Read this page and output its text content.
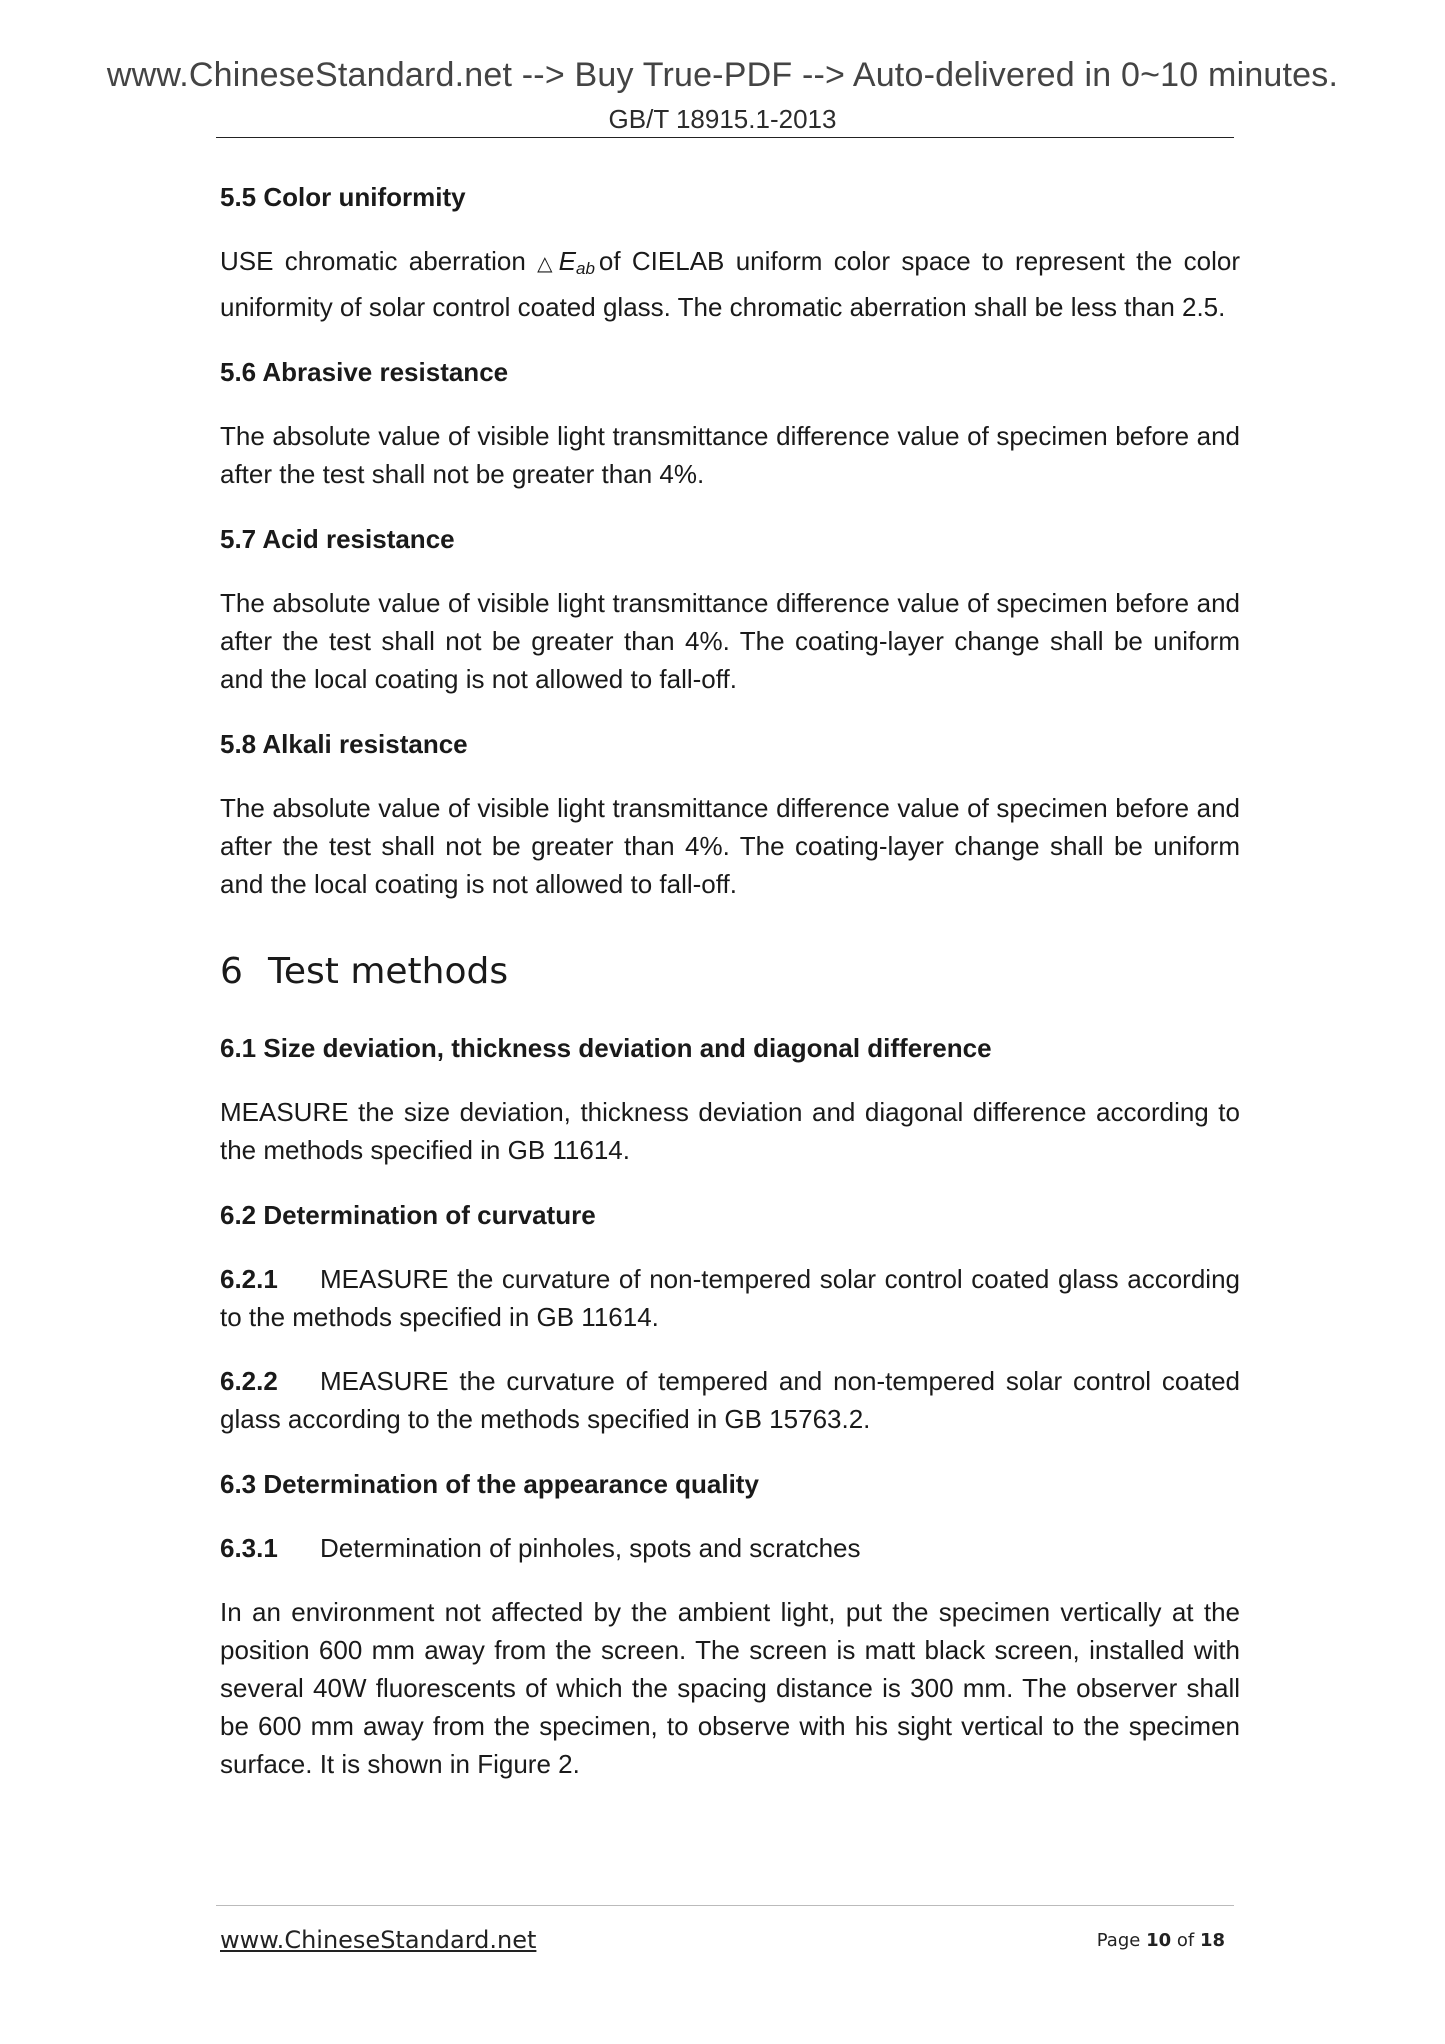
www.ChineseStandard.net --> Buy True-PDF --> Auto-delivered in 0~10 minutes.
GB/T 18915.1-2013

5.5 Color uniformity

USE chromatic aberration $\triangle E_{ab}$ of CIELAB uniform color space to represent the color uniformity of solar control coated glass. The chromatic aberration shall be less than 2.5.

5.6 Abrasive resistance

The absolute value of visible light transmittance difference value of specimen before and after the test shall not be greater than 4%.

5.7 Acid resistance

The absolute value of visible light transmittance difference value of specimen before and after the test shall not be greater than 4%. The coating-layer change shall be uniform and the local coating is not allowed to fall-off.

5.8 Alkali resistance

The absolute value of visible light transmittance difference value of specimen before and after the test shall not be greater than 4%. The coating-layer change shall be uniform and the local coating is not allowed to fall-off.

6 Test methods

6.1 Size deviation, thickness deviation and diagonal difference

MEASURE the size deviation, thickness deviation and diagonal difference according to the methods specified in GB 11614.

6.2 Determination of curvature

6.2.1 MEASURE the curvature of non-tempered solar control coated glass according to the methods specified in GB 11614.

6.2.2 MEASURE the curvature of tempered and non-tempered solar control coated glass according to the methods specified in GB 15763.2.

6.3 Determination of the appearance quality

6.3.1 Determination of pinholes, spots and scratches

In an environment not affected by the ambient light, put the specimen vertically at the position 600 mm away from the screen. The screen is matt black screen, installed with several 40W fluorescents of which the spacing distance is 300 mm. The observer shall be 600 mm away from the specimen, to observe with his sight vertical to the specimen surface. It is shown in Figure 2.

www.ChineseStandard.net	Page 10 of 18
